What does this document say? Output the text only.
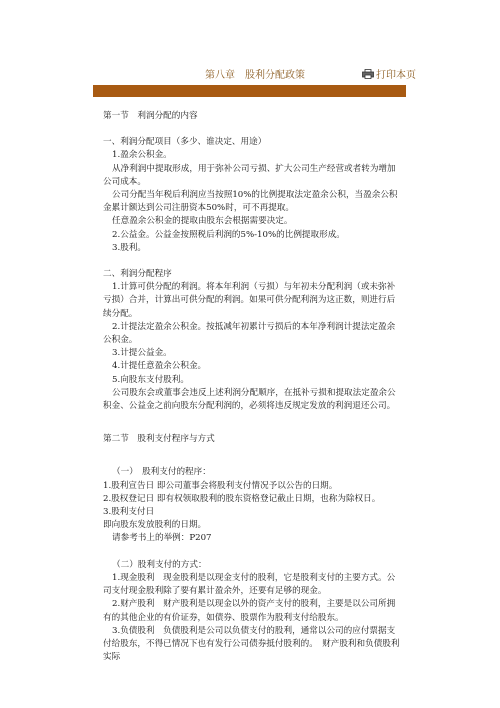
第八章　股利分配政策	打印本页

第一节　利润分配的内容

一、利润分配项目（多少、谁决定、用途）

1.盈余公积金。

从净利润中提取形成，用于弥补公司亏损、扩大公司生产经营或者转为增加公司成本。

公司分配当年税后利润应当按照10%的比例提取法定盈余公积，当盈余公积金累计额达到公司注册资本50%时，可不再提取。

任意盈余公积金的提取由股东会根据需要决定。

2.公益金。公益金按照税后利润的5%-10%的比例提取形成。

3.股利。

二、利润分配程序

1.计算可供分配的利润。将本年利润（亏损）与年初未分配利润（或未弥补亏损）合并，计算出可供分配的利润。如果可供分配利润为这正数，则进行后续分配。

2.计提法定盈余公积金。按抵减年初累计亏损后的本年净利润计提法定盈余公积金。

3.计提公益金。

4.计提任意盈余公积金。

5.向股东支付股利。

公司股东会或董事会违反上述利润分配顺序，在抵补亏损和提取法定盈余公积金、公益金之前向股东分配利润的，必须将违反规定发放的利润退还公司。

第二节　股利支付程序与方式

（一）　股利支付的程序：

1.股利宣告日 即公司董事会将股利支付情况予以公告的日期。

2.股权登记日 即有权领取股利的股东资格登记截止日期，也称为除权日。

3.股利支付日

即向股东发放股利的日期。

请参考书上的举例：P207

（二）股利支付的方式：

1.现金股利　现金股利是以现金支付的股利，它是股利支付的主要方式。公司支付现金股利除了要有累计盈余外，还要有足够的现金。

2.财产股利　财产股利是以现金以外的资产支付的股利，主要是以公司所拥有的其他企业的有价证券，如债券、股票作为股利支付给股东。

3.负债股利　负债股利是公司以负债支付的股利，通常以公司的应付票据支付给股东，不得已情况下也有发行公司债券抵付股利的。　财产股利和负债股利实际
